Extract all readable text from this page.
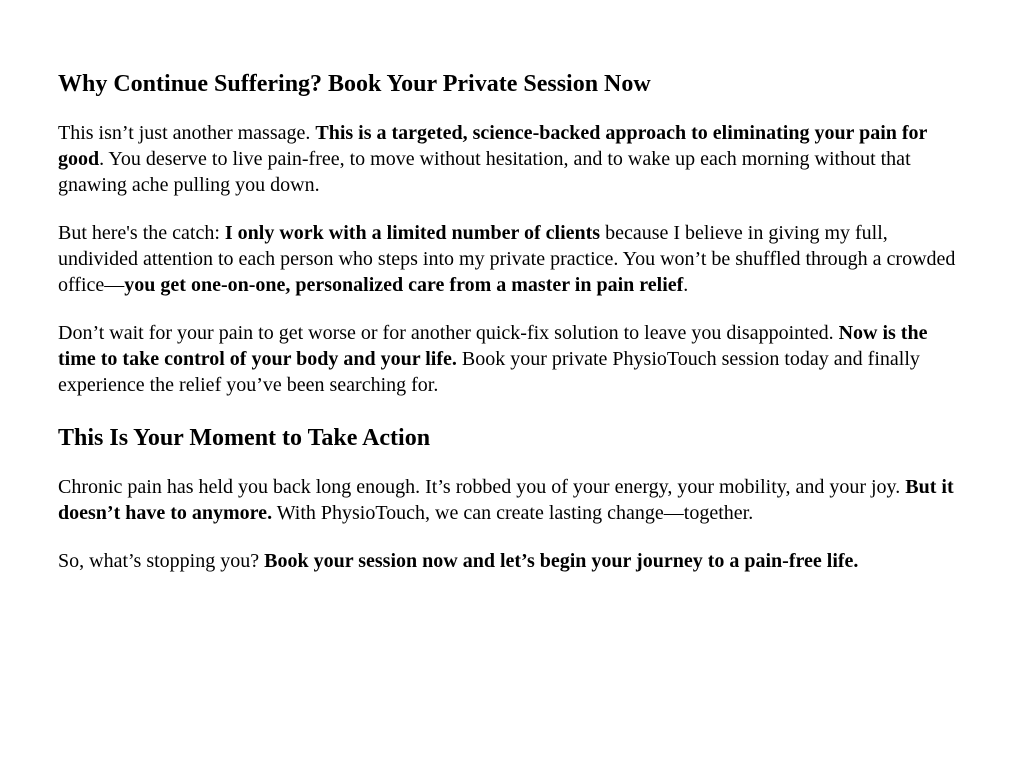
Why Continue Suffering? Book Your Private Session Now

This isn’t just another massage. This is a targeted, science-backed approach to eliminating your pain for good. You deserve to live pain-free, to move without hesitation, and to wake up each morning without that gnawing ache pulling you down.

But here's the catch: I only work with a limited number of clients because I believe in giving my full, undivided attention to each person who steps into my private practice. You won’t be shuffled through a crowded office—you get one-on-one, personalized care from a master in pain relief.

Don’t wait for your pain to get worse or for another quick-fix solution to leave you disappointed. Now is the time to take control of your body and your life. Book your private PhysioTouch session today and finally experience the relief you’ve been searching for.

This Is Your Moment to Take Action

Chronic pain has held you back long enough. It’s robbed you of your energy, your mobility, and your joy. But it doesn’t have to anymore. With PhysioTouch, we can create lasting change—together.

So, what’s stopping you? Book your session now and let’s begin your journey to a pain-free life.
